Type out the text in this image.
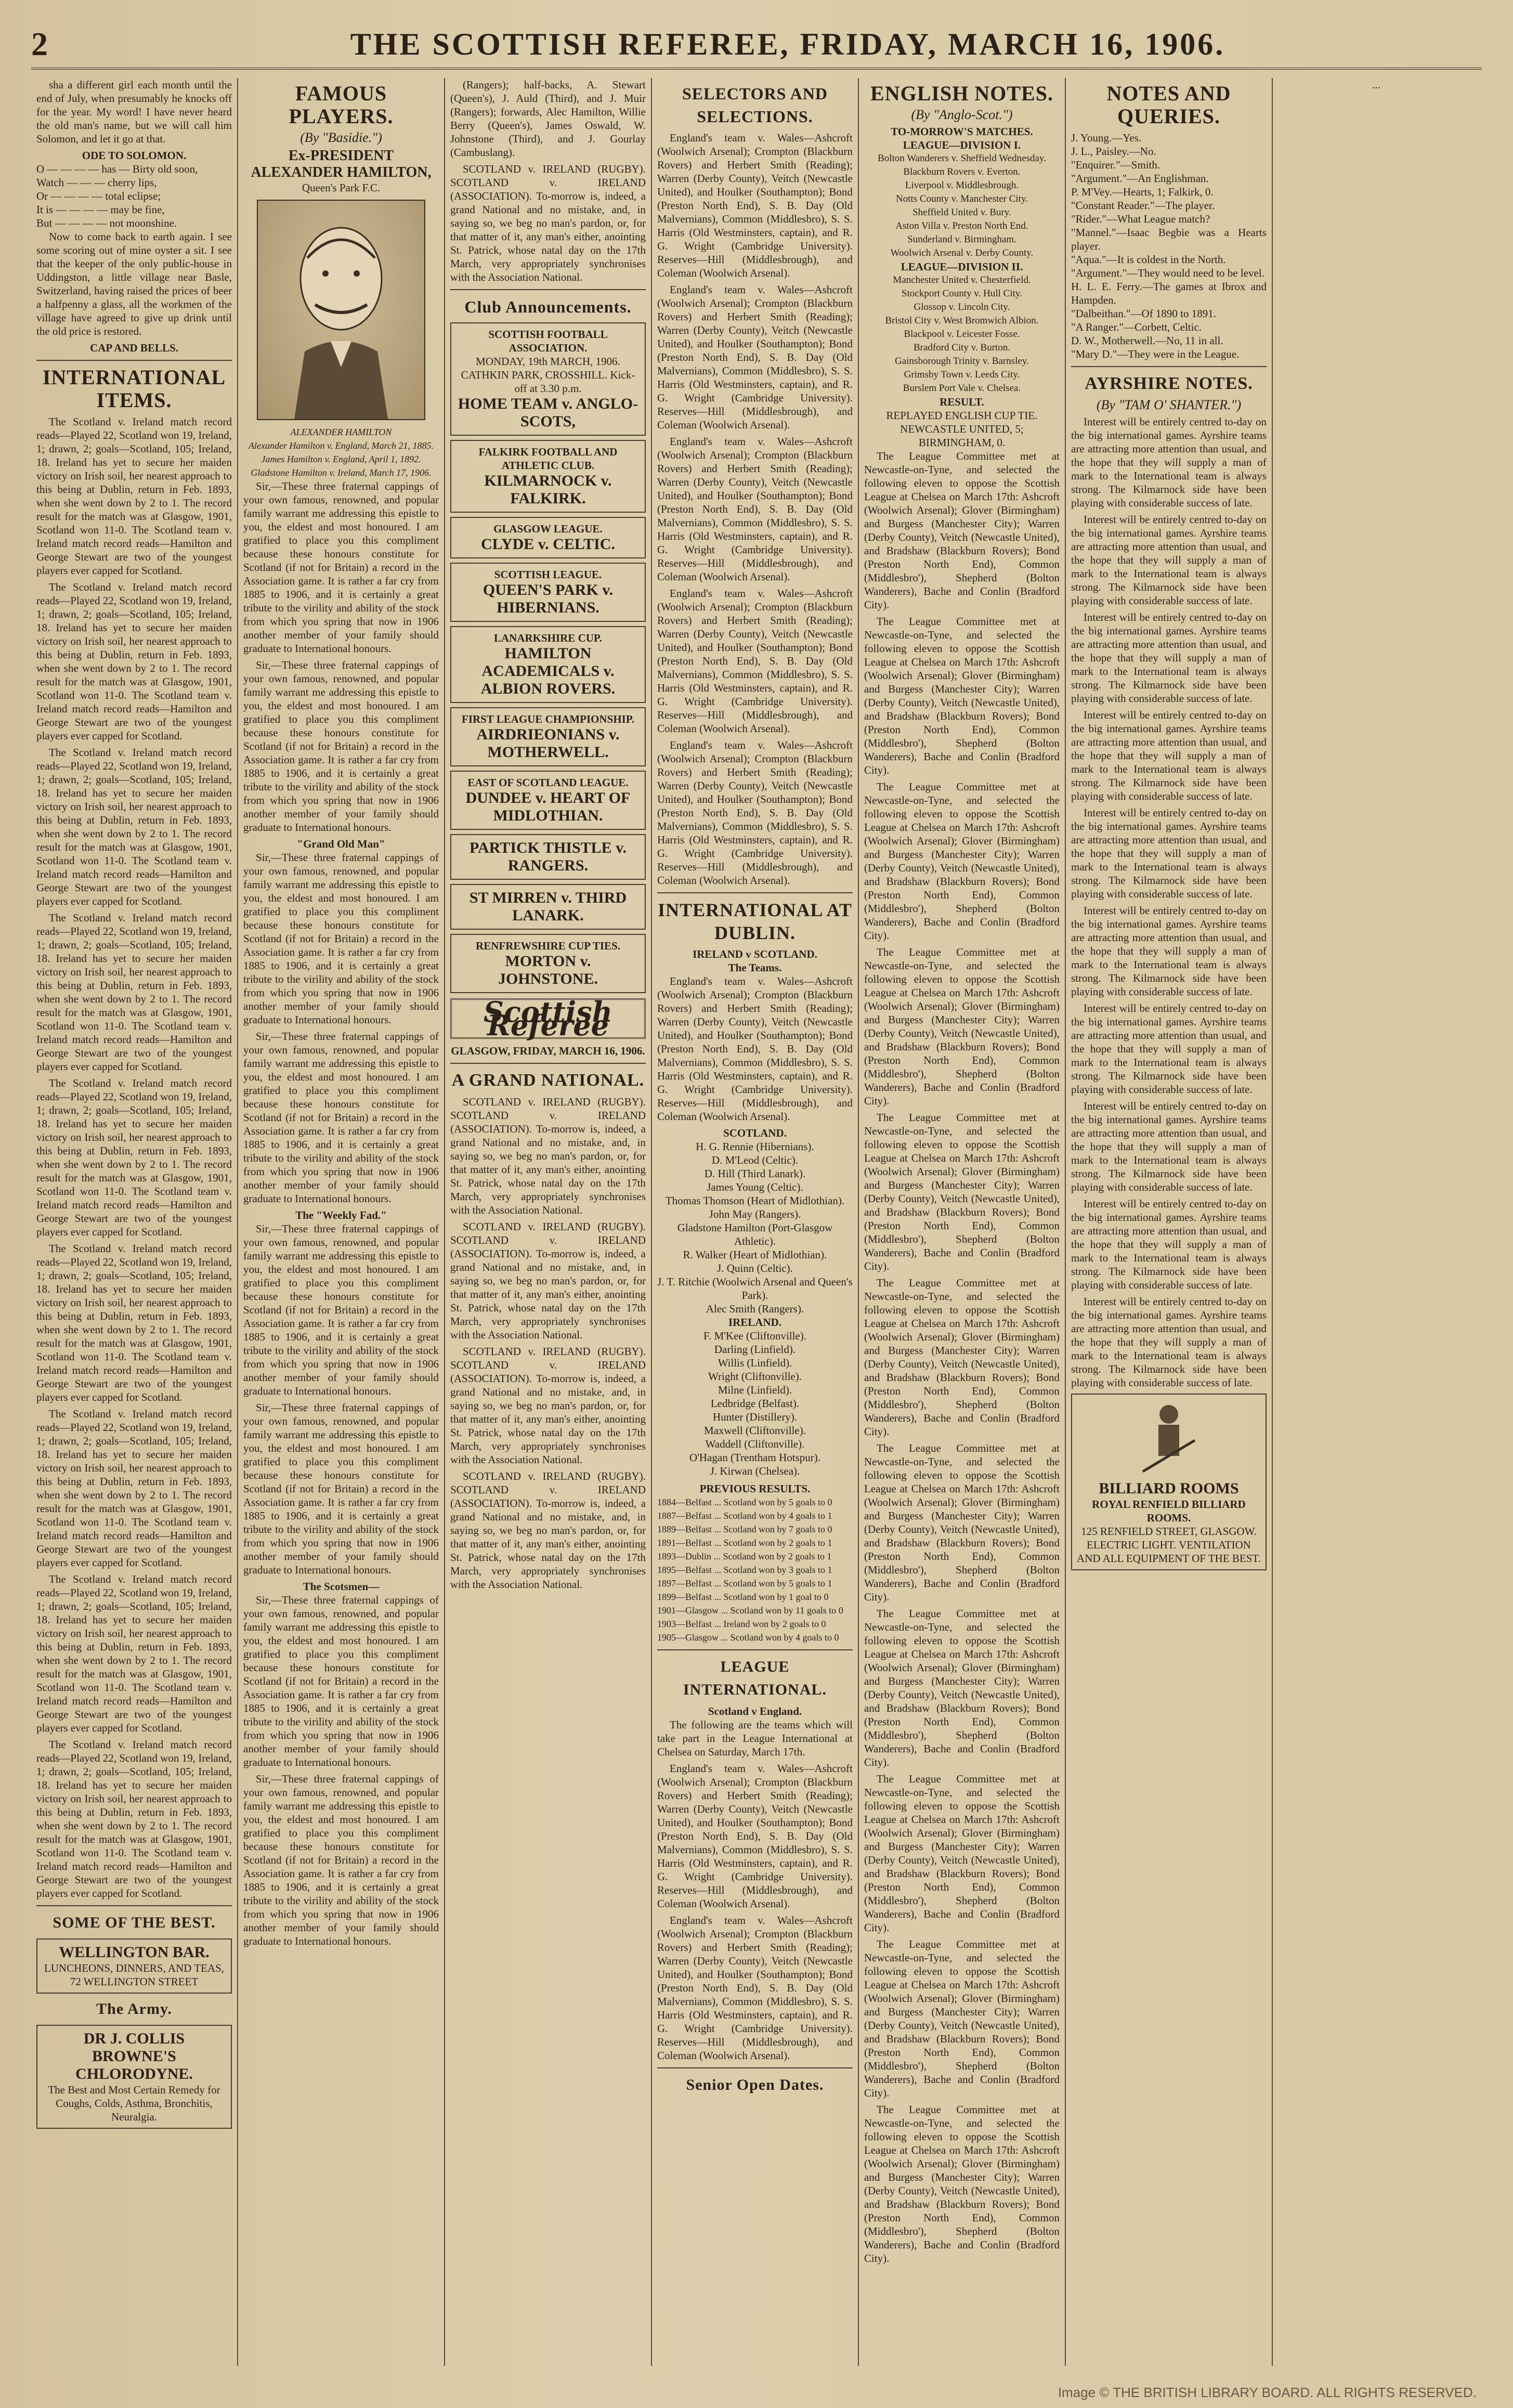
2	THE SCOTTISH REFEREE, FRIDAY, MARCH 16, 1906.

sha a different girl each month until the end of July, when presumably he knocks off for the year. My word! I have never heard the old man's name, but we will call him Solomon, and let it go at that.

ODE TO SOLOMON.
O — — — — has — Birty old soon,
Watch — — — cherry lips,
Or — — — — total eclipse;
It is — — — — may be fine,
But — — — — not moonshine.

Now to come back to earth again. I see some scoring out of mine oyster a sit. I see that the keeper of the only public-house in Uddingston, a little village near Basle, Switzerland, having raised the prices of beer a halfpenny a glass, all the workmen of the village have agreed to give up drink until the old price is restored.

CAP AND BELLS.
INTERNATIONAL ITEMS.

The Scotland v. Ireland match record reads—Played 22, Scotland won 19, Ireland, 1; drawn, 2; goals—Scotland, 105; Ireland, 18. Ireland has yet to secure her maiden victory on Irish soil, her nearest approach to this being at Dublin, return in Feb. 1893, when she went down by 2 to 1. The record result for the match was at Glasgow, 1901, Scotland won 11-0. The Scotland team v. Ireland match record reads—Hamilton and George Stewart are two of the youngest players ever capped for Scotland.

The Scotland v. Ireland match record reads—Played 22, Scotland won 19, Ireland, 1; drawn, 2; goals—Scotland, 105; Ireland, 18. Ireland has yet to secure her maiden victory on Irish soil, her nearest approach to this being at Dublin, return in Feb. 1893, when she went down by 2 to 1. The record result for the match was at Glasgow, 1901, Scotland won 11-0. The Scotland team v. Ireland match record reads—Hamilton and George Stewart are two of the youngest players ever capped for Scotland.

The Scotland v. Ireland match record reads—Played 22, Scotland won 19, Ireland, 1; drawn, 2; goals—Scotland, 105; Ireland, 18. Ireland has yet to secure her maiden victory on Irish soil, her nearest approach to this being at Dublin, return in Feb. 1893, when she went down by 2 to 1. The record result for the match was at Glasgow, 1901, Scotland won 11-0. The Scotland team v. Ireland match record reads—Hamilton and George Stewart are two of the youngest players ever capped for Scotland.

The Scotland v. Ireland match record reads—Played 22, Scotland won 19, Ireland, 1; drawn, 2; goals—Scotland, 105; Ireland, 18. Ireland has yet to secure her maiden victory on Irish soil, her nearest approach to this being at Dublin, return in Feb. 1893, when she went down by 2 to 1. The record result for the match was at Glasgow, 1901, Scotland won 11-0. The Scotland team v. Ireland match record reads—Hamilton and George Stewart are two of the youngest players ever capped for Scotland.

The Scotland v. Ireland match record reads—Played 22, Scotland won 19, Ireland, 1; drawn, 2; goals—Scotland, 105; Ireland, 18. Ireland has yet to secure her maiden victory on Irish soil, her nearest approach to this being at Dublin, return in Feb. 1893, when she went down by 2 to 1. The record result for the match was at Glasgow, 1901, Scotland won 11-0. The Scotland team v. Ireland match record reads—Hamilton and George Stewart are two of the youngest players ever capped for Scotland.

The Scotland v. Ireland match record reads—Played 22, Scotland won 19, Ireland, 1; drawn, 2; goals—Scotland, 105; Ireland, 18. Ireland has yet to secure her maiden victory on Irish soil, her nearest approach to this being at Dublin, return in Feb. 1893, when she went down by 2 to 1. The record result for the match was at Glasgow, 1901, Scotland won 11-0. The Scotland team v. Ireland match record reads—Hamilton and George Stewart are two of the youngest players ever capped for Scotland.

The Scotland v. Ireland match record reads—Played 22, Scotland won 19, Ireland, 1; drawn, 2; goals—Scotland, 105; Ireland, 18. Ireland has yet to secure her maiden victory on Irish soil, her nearest approach to this being at Dublin, return in Feb. 1893, when she went down by 2 to 1. The record result for the match was at Glasgow, 1901, Scotland won 11-0. The Scotland team v. Ireland match record reads—Hamilton and George Stewart are two of the youngest players ever capped for Scotland.

The Scotland v. Ireland match record reads—Played 22, Scotland won 19, Ireland, 1; drawn, 2; goals—Scotland, 105; Ireland, 18. Ireland has yet to secure her maiden victory on Irish soil, her nearest approach to this being at Dublin, return in Feb. 1893, when she went down by 2 to 1. The record result for the match was at Glasgow, 1901, Scotland won 11-0. The Scotland team v. Ireland match record reads—Hamilton and George Stewart are two of the youngest players ever capped for Scotland.

The Scotland v. Ireland match record reads—Played 22, Scotland won 19, Ireland, 1; drawn, 2; goals—Scotland, 105; Ireland, 18. Ireland has yet to secure her maiden victory on Irish soil, her nearest approach to this being at Dublin, return in Feb. 1893, when she went down by 2 to 1. The record result for the match was at Glasgow, 1901, Scotland won 11-0. The Scotland team v. Ireland match record reads—Hamilton and George Stewart are two of the youngest players ever capped for Scotland.

SOME OF THE BEST.
WELLINGTON BAR.
LUNCHEONS, DINNERS, AND TEAS, 72 WELLINGTON STREET
The Army.
DR J. COLLIS BROWNE'S CHLORODYNE.
The Best and Most Certain Remedy for Coughs, Colds, Asthma, Bronchitis, Neuralgia.
FAMOUS PLAYERS.
(By "Basidie.")
Ex-PRESIDENT ALEXANDER HAMILTON,
Queen's Park F.C.
ALEXANDER HAMILTON
Alexander Hamilton v. England, March 21, 1885. James Hamilton v. England, April 1, 1892. Gladstone Hamilton v. Ireland, March 17, 1906.

Sir,—These three fraternal cappings of your own famous, renowned, and popular family warrant me addressing this epistle to you, the eldest and most honoured. I am gratified to place you this compliment because these honours constitute for Scotland (if not for Britain) a record in the Association game. It is rather a far cry from 1885 to 1906, and it is certainly a great tribute to the virility and ability of the stock from which you spring that now in 1906 another member of your family should graduate to International honours.

Sir,—These three fraternal cappings of your own famous, renowned, and popular family warrant me addressing this epistle to you, the eldest and most honoured. I am gratified to place you this compliment because these honours constitute for Scotland (if not for Britain) a record in the Association game. It is rather a far cry from 1885 to 1906, and it is certainly a great tribute to the virility and ability of the stock from which you spring that now in 1906 another member of your family should graduate to International honours.

"Grand Old Man"

Sir,—These three fraternal cappings of your own famous, renowned, and popular family warrant me addressing this epistle to you, the eldest and most honoured. I am gratified to place you this compliment because these honours constitute for Scotland (if not for Britain) a record in the Association game. It is rather a far cry from 1885 to 1906, and it is certainly a great tribute to the virility and ability of the stock from which you spring that now in 1906 another member of your family should graduate to International honours.

Sir,—These three fraternal cappings of your own famous, renowned, and popular family warrant me addressing this epistle to you, the eldest and most honoured. I am gratified to place you this compliment because these honours constitute for Scotland (if not for Britain) a record in the Association game. It is rather a far cry from 1885 to 1906, and it is certainly a great tribute to the virility and ability of the stock from which you spring that now in 1906 another member of your family should graduate to International honours.

The "Weekly Fad."

Sir,—These three fraternal cappings of your own famous, renowned, and popular family warrant me addressing this epistle to you, the eldest and most honoured. I am gratified to place you this compliment because these honours constitute for Scotland (if not for Britain) a record in the Association game. It is rather a far cry from 1885 to 1906, and it is certainly a great tribute to the virility and ability of the stock from which you spring that now in 1906 another member of your family should graduate to International honours.

Sir,—These three fraternal cappings of your own famous, renowned, and popular family warrant me addressing this epistle to you, the eldest and most honoured. I am gratified to place you this compliment because these honours constitute for Scotland (if not for Britain) a record in the Association game. It is rather a far cry from 1885 to 1906, and it is certainly a great tribute to the virility and ability of the stock from which you spring that now in 1906 another member of your family should graduate to International honours.

The Scotsmen—

Sir,—These three fraternal cappings of your own famous, renowned, and popular family warrant me addressing this epistle to you, the eldest and most honoured. I am gratified to place you this compliment because these honours constitute for Scotland (if not for Britain) a record in the Association game. It is rather a far cry from 1885 to 1906, and it is certainly a great tribute to the virility and ability of the stock from which you spring that now in 1906 another member of your family should graduate to International honours.

Sir,—These three fraternal cappings of your own famous, renowned, and popular family warrant me addressing this epistle to you, the eldest and most honoured. I am gratified to place you this compliment because these honours constitute for Scotland (if not for Britain) a record in the Association game. It is rather a far cry from 1885 to 1906, and it is certainly a great tribute to the virility and ability of the stock from which you spring that now in 1906 another member of your family should graduate to International honours.

(Rangers); half-backs, A. Stewart (Queen's), J. Auld (Third), and J. Muir (Rangers); forwards, Alec Hamilton, Willie Berry (Queen's), James Oswald, W. Johnstone (Third), and J. Gourlay (Cambuslang).

SCOTLAND v. IRELAND (RUGBY). SCOTLAND v. IRELAND (ASSOCIATION). To-morrow is, indeed, a grand National and no mistake, and, in saying so, we beg no man's pardon, or, for that matter of it, any man's either, anointing St. Patrick, whose natal day on the 17th March, very appropriately synchronises with the Association National.

Club Announcements.
SCOTTISH FOOTBALL ASSOCIATION.
MONDAY, 19th MARCH, 1906. CATHKIN PARK, CROSSHILL. Kick-off at 3.30 p.m.
HOME TEAM v. ANGLO-SCOTS,
FALKIRK FOOTBALL AND ATHLETIC CLUB.
KILMARNOCK v. FALKIRK.
GLASGOW LEAGUE.
CLYDE v. CELTIC.
SCOTTISH LEAGUE.
QUEEN'S PARK v. HIBERNIANS.
LANARKSHIRE CUP.
HAMILTON ACADEMICALS v. ALBION ROVERS.
FIRST LEAGUE CHAMPIONSHIP.
AIRDRIEONIANS v. MOTHERWELL.
EAST OF SCOTLAND LEAGUE.
DUNDEE v. HEART OF MIDLOTHIAN.
PARTICK THISTLE v. RANGERS.
ST MIRREN v. THIRD LANARK.
RENFREWSHIRE CUP TIES.
MORTON v. JOHNSTONE.
Scottish Referee
GLASGOW, FRIDAY, MARCH 16, 1906.
A GRAND NATIONAL.

SCOTLAND v. IRELAND (RUGBY). SCOTLAND v. IRELAND (ASSOCIATION). To-morrow is, indeed, a grand National and no mistake, and, in saying so, we beg no man's pardon, or, for that matter of it, any man's either, anointing St. Patrick, whose natal day on the 17th March, very appropriately synchronises with the Association National.

SCOTLAND v. IRELAND (RUGBY). SCOTLAND v. IRELAND (ASSOCIATION). To-morrow is, indeed, a grand National and no mistake, and, in saying so, we beg no man's pardon, or, for that matter of it, any man's either, anointing St. Patrick, whose natal day on the 17th March, very appropriately synchronises with the Association National.

SCOTLAND v. IRELAND (RUGBY). SCOTLAND v. IRELAND (ASSOCIATION). To-morrow is, indeed, a grand National and no mistake, and, in saying so, we beg no man's pardon, or, for that matter of it, any man's either, anointing St. Patrick, whose natal day on the 17th March, very appropriately synchronises with the Association National.

SCOTLAND v. IRELAND (RUGBY). SCOTLAND v. IRELAND (ASSOCIATION). To-morrow is, indeed, a grand National and no mistake, and, in saying so, we beg no man's pardon, or, for that matter of it, any man's either, anointing St. Patrick, whose natal day on the 17th March, very appropriately synchronises with the Association National.

SELECTORS AND SELECTIONS.

England's team v. Wales—Ashcroft (Woolwich Arsenal); Crompton (Blackburn Rovers) and Herbert Smith (Reading); Warren (Derby County), Veitch (Newcastle United), and Houlker (Southampton); Bond (Preston North End), S. B. Day (Old Malvernians), Common (Middlesbro), S. S. Harris (Old Westminsters, captain), and R. G. Wright (Cambridge University). Reserves—Hill (Middlesbrough), and Coleman (Woolwich Arsenal).

England's team v. Wales—Ashcroft (Woolwich Arsenal); Crompton (Blackburn Rovers) and Herbert Smith (Reading); Warren (Derby County), Veitch (Newcastle United), and Houlker (Southampton); Bond (Preston North End), S. B. Day (Old Malvernians), Common (Middlesbro), S. S. Harris (Old Westminsters, captain), and R. G. Wright (Cambridge University). Reserves—Hill (Middlesbrough), and Coleman (Woolwich Arsenal).

England's team v. Wales—Ashcroft (Woolwich Arsenal); Crompton (Blackburn Rovers) and Herbert Smith (Reading); Warren (Derby County), Veitch (Newcastle United), and Houlker (Southampton); Bond (Preston North End), S. B. Day (Old Malvernians), Common (Middlesbro), S. S. Harris (Old Westminsters, captain), and R. G. Wright (Cambridge University). Reserves—Hill (Middlesbrough), and Coleman (Woolwich Arsenal).

England's team v. Wales—Ashcroft (Woolwich Arsenal); Crompton (Blackburn Rovers) and Herbert Smith (Reading); Warren (Derby County), Veitch (Newcastle United), and Houlker (Southampton); Bond (Preston North End), S. B. Day (Old Malvernians), Common (Middlesbro), S. S. Harris (Old Westminsters, captain), and R. G. Wright (Cambridge University). Reserves—Hill (Middlesbrough), and Coleman (Woolwich Arsenal).

England's team v. Wales—Ashcroft (Woolwich Arsenal); Crompton (Blackburn Rovers) and Herbert Smith (Reading); Warren (Derby County), Veitch (Newcastle United), and Houlker (Southampton); Bond (Preston North End), S. B. Day (Old Malvernians), Common (Middlesbro), S. S. Harris (Old Westminsters, captain), and R. G. Wright (Cambridge University). Reserves—Hill (Middlesbrough), and Coleman (Woolwich Arsenal).

INTERNATIONAL AT DUBLIN.
IRELAND v SCOTLAND.
The Teams.

England's team v. Wales—Ashcroft (Woolwich Arsenal); Crompton (Blackburn Rovers) and Herbert Smith (Reading); Warren (Derby County), Veitch (Newcastle United), and Houlker (Southampton); Bond (Preston North End), S. B. Day (Old Malvernians), Common (Middlesbro), S. S. Harris (Old Westminsters, captain), and R. G. Wright (Cambridge University). Reserves—Hill (Middlesbrough), and Coleman (Woolwich Arsenal).

SCOTLAND.
H. G. Rennie (Hibernians).
D. M'Leod (Celtic).
D. Hill (Third Lanark).
James Young (Celtic).
Thomas Thomson (Heart of Midlothian).
John May (Rangers).
Gladstone Hamilton (Port-Glasgow Athletic).
R. Walker (Heart of Midlothian).
J. Quinn (Celtic).
J. T. Ritchie (Woolwich Arsenal and Queen's Park).
Alec Smith (Rangers).
IRELAND.
F. M'Kee (Cliftonville).
Darling (Linfield).
Willis (Linfield).
Wright (Cliftonville).
Milne (Linfield).
Ledbridge (Belfast).
Hunter (Distillery).
Maxwell (Cliftonville).
Waddell (Cliftonville).
O'Hagan (Trentham Hotspur).
J. Kirwan (Chelsea).
PREVIOUS RESULTS.
1884—Belfast ... Scotland won by 5 goals to 0
1887—Belfast ... Scotland won by 4 goals to 1
1889—Belfast ... Scotland won by 7 goals to 0
1891—Belfast ... Scotland won by 2 goals to 1
1893—Dublin ... Scotland won by 2 goals to 1
1895—Belfast ... Scotland won by 3 goals to 1
1897—Belfast ... Scotland won by 5 goals to 1
1899—Belfast ... Scotland won by 1 goal to 0
1901—Glasgow ... Scotland won by 11 goals to 0
1903—Belfast ... Ireland won by 2 goals to 0
1905—Glasgow ... Scotland won by 4 goals to 0
LEAGUE INTERNATIONAL.
Scotland v England.

The following are the teams which will take part in the League International at Chelsea on Saturday, March 17th.

England's team v. Wales—Ashcroft (Woolwich Arsenal); Crompton (Blackburn Rovers) and Herbert Smith (Reading); Warren (Derby County), Veitch (Newcastle United), and Houlker (Southampton); Bond (Preston North End), S. B. Day (Old Malvernians), Common (Middlesbro), S. S. Harris (Old Westminsters, captain), and R. G. Wright (Cambridge University). Reserves—Hill (Middlesbrough), and Coleman (Woolwich Arsenal).

England's team v. Wales—Ashcroft (Woolwich Arsenal); Crompton (Blackburn Rovers) and Herbert Smith (Reading); Warren (Derby County), Veitch (Newcastle United), and Houlker (Southampton); Bond (Preston North End), S. B. Day (Old Malvernians), Common (Middlesbro), S. S. Harris (Old Westminsters, captain), and R. G. Wright (Cambridge University). Reserves—Hill (Middlesbrough), and Coleman (Woolwich Arsenal).

Senior Open Dates.
ENGLISH NOTES.
(By "Anglo-Scot.")
TO-MORROW'S MATCHES.
LEAGUE—DIVISION I.
Bolton Wanderers v. Sheffield Wednesday.
Blackburn Rovers v. Everton.
Liverpool v. Middlesbrough.
Notts County v. Manchester City.
Sheffield United v. Bury.
Aston Villa v. Preston North End.
Sunderland v. Birmingham.
Woolwich Arsenal v. Derby County.
LEAGUE—DIVISION II.
Manchester United v. Chesterfield.
Stockport County v. Hull City.
Glossop v. Lincoln City.
Bristol City v. West Bromwich Albion.
Blackpool v. Leicester Fosse.
Bradford City v. Burton.
Gainsborough Trinity v. Barnsley.
Grimsby Town v. Leeds City.
Burslem Port Vale v. Chelsea.
RESULT.
REPLAYED ENGLISH CUP TIE. NEWCASTLE UNITED, 5; BIRMINGHAM, 0.

The League Committee met at Newcastle-on-Tyne, and selected the following eleven to oppose the Scottish League at Chelsea on March 17th: Ashcroft (Woolwich Arsenal); Glover (Birmingham) and Burgess (Manchester City); Warren (Derby County), Veitch (Newcastle United), and Bradshaw (Blackburn Rovers); Bond (Preston North End), Common (Middlesbro'), Shepherd (Bolton Wanderers), Bache and Conlin (Bradford City).

The League Committee met at Newcastle-on-Tyne, and selected the following eleven to oppose the Scottish League at Chelsea on March 17th: Ashcroft (Woolwich Arsenal); Glover (Birmingham) and Burgess (Manchester City); Warren (Derby County), Veitch (Newcastle United), and Bradshaw (Blackburn Rovers); Bond (Preston North End), Common (Middlesbro'), Shepherd (Bolton Wanderers), Bache and Conlin (Bradford City).

The League Committee met at Newcastle-on-Tyne, and selected the following eleven to oppose the Scottish League at Chelsea on March 17th: Ashcroft (Woolwich Arsenal); Glover (Birmingham) and Burgess (Manchester City); Warren (Derby County), Veitch (Newcastle United), and Bradshaw (Blackburn Rovers); Bond (Preston North End), Common (Middlesbro'), Shepherd (Bolton Wanderers), Bache and Conlin (Bradford City).

The League Committee met at Newcastle-on-Tyne, and selected the following eleven to oppose the Scottish League at Chelsea on March 17th: Ashcroft (Woolwich Arsenal); Glover (Birmingham) and Burgess (Manchester City); Warren (Derby County), Veitch (Newcastle United), and Bradshaw (Blackburn Rovers); Bond (Preston North End), Common (Middlesbro'), Shepherd (Bolton Wanderers), Bache and Conlin (Bradford City).

The League Committee met at Newcastle-on-Tyne, and selected the following eleven to oppose the Scottish League at Chelsea on March 17th: Ashcroft (Woolwich Arsenal); Glover (Birmingham) and Burgess (Manchester City); Warren (Derby County), Veitch (Newcastle United), and Bradshaw (Blackburn Rovers); Bond (Preston North End), Common (Middlesbro'), Shepherd (Bolton Wanderers), Bache and Conlin (Bradford City).

The League Committee met at Newcastle-on-Tyne, and selected the following eleven to oppose the Scottish League at Chelsea on March 17th: Ashcroft (Woolwich Arsenal); Glover (Birmingham) and Burgess (Manchester City); Warren (Derby County), Veitch (Newcastle United), and Bradshaw (Blackburn Rovers); Bond (Preston North End), Common (Middlesbro'), Shepherd (Bolton Wanderers), Bache and Conlin (Bradford City).

The League Committee met at Newcastle-on-Tyne, and selected the following eleven to oppose the Scottish League at Chelsea on March 17th: Ashcroft (Woolwich Arsenal); Glover (Birmingham) and Burgess (Manchester City); Warren (Derby County), Veitch (Newcastle United), and Bradshaw (Blackburn Rovers); Bond (Preston North End), Common (Middlesbro'), Shepherd (Bolton Wanderers), Bache and Conlin (Bradford City).

The League Committee met at Newcastle-on-Tyne, and selected the following eleven to oppose the Scottish League at Chelsea on March 17th: Ashcroft (Woolwich Arsenal); Glover (Birmingham) and Burgess (Manchester City); Warren (Derby County), Veitch (Newcastle United), and Bradshaw (Blackburn Rovers); Bond (Preston North End), Common (Middlesbro'), Shepherd (Bolton Wanderers), Bache and Conlin (Bradford City).

The League Committee met at Newcastle-on-Tyne, and selected the following eleven to oppose the Scottish League at Chelsea on March 17th: Ashcroft (Woolwich Arsenal); Glover (Birmingham) and Burgess (Manchester City); Warren (Derby County), Veitch (Newcastle United), and Bradshaw (Blackburn Rovers); Bond (Preston North End), Common (Middlesbro'), Shepherd (Bolton Wanderers), Bache and Conlin (Bradford City).

The League Committee met at Newcastle-on-Tyne, and selected the following eleven to oppose the Scottish League at Chelsea on March 17th: Ashcroft (Woolwich Arsenal); Glover (Birmingham) and Burgess (Manchester City); Warren (Derby County), Veitch (Newcastle United), and Bradshaw (Blackburn Rovers); Bond (Preston North End), Common (Middlesbro'), Shepherd (Bolton Wanderers), Bache and Conlin (Bradford City).

The League Committee met at Newcastle-on-Tyne, and selected the following eleven to oppose the Scottish League at Chelsea on March 17th: Ashcroft (Woolwich Arsenal); Glover (Birmingham) and Burgess (Manchester City); Warren (Derby County), Veitch (Newcastle United), and Bradshaw (Blackburn Rovers); Bond (Preston North End), Common (Middlesbro'), Shepherd (Bolton Wanderers), Bache and Conlin (Bradford City).

NOTES AND QUERIES.
J. Young.—Yes.
J. L., Paisley.—No.
"Enquirer."—Smith.
"Argument."—An Englishman.
P. M'Vey.—Hearts, 1; Falkirk, 0.
"Constant Reader."—The player.
"Rider."—What League match?
"Mannel."—Isaac Begbie was a Hearts player.
"Aqua."—It is coldest in the North.
"Argument."—They would need to be level.
H. L. E. Ferry.—The games at Ibrox and Hampden.
"Dalbeithan."—Of 1890 to 1891.
"A Ranger."—Corbett, Celtic.
D. W., Motherwell.—No, 11 in all.
"Mary D."—They were in the League.
AYRSHIRE NOTES.
(By "TAM O' SHANTER.")

Interest will be entirely centred to-day on the big international games. Ayrshire teams are attracting more attention than usual, and the hope that they will supply a man of mark to the International team is always strong. The Kilmarnock side have been playing with considerable success of late.

Interest will be entirely centred to-day on the big international games. Ayrshire teams are attracting more attention than usual, and the hope that they will supply a man of mark to the International team is always strong. The Kilmarnock side have been playing with considerable success of late.

Interest will be entirely centred to-day on the big international games. Ayrshire teams are attracting more attention than usual, and the hope that they will supply a man of mark to the International team is always strong. The Kilmarnock side have been playing with considerable success of late.

Interest will be entirely centred to-day on the big international games. Ayrshire teams are attracting more attention than usual, and the hope that they will supply a man of mark to the International team is always strong. The Kilmarnock side have been playing with considerable success of late.

Interest will be entirely centred to-day on the big international games. Ayrshire teams are attracting more attention than usual, and the hope that they will supply a man of mark to the International team is always strong. The Kilmarnock side have been playing with considerable success of late.

Interest will be entirely centred to-day on the big international games. Ayrshire teams are attracting more attention than usual, and the hope that they will supply a man of mark to the International team is always strong. The Kilmarnock side have been playing with considerable success of late.

Interest will be entirely centred to-day on the big international games. Ayrshire teams are attracting more attention than usual, and the hope that they will supply a man of mark to the International team is always strong. The Kilmarnock side have been playing with considerable success of late.

Interest will be entirely centred to-day on the big international games. Ayrshire teams are attracting more attention than usual, and the hope that they will supply a man of mark to the International team is always strong. The Kilmarnock side have been playing with considerable success of late.

Interest will be entirely centred to-day on the big international games. Ayrshire teams are attracting more attention than usual, and the hope that they will supply a man of mark to the International team is always strong. The Kilmarnock side have been playing with considerable success of late.

Interest will be entirely centred to-day on the big international games. Ayrshire teams are attracting more attention than usual, and the hope that they will supply a man of mark to the International team is always strong. The Kilmarnock side have been playing with considerable success of late.

BILLIARD ROOMS
ROYAL RENFIELD BILLIARD ROOMS.
125 RENFIELD STREET, GLASGOW. ELECTRIC LIGHT. VENTILATION AND ALL EQUIPMENT OF THE BEST.
...
Image © THE BRITISH LIBRARY BOARD. ALL RIGHTS RESERVED.
